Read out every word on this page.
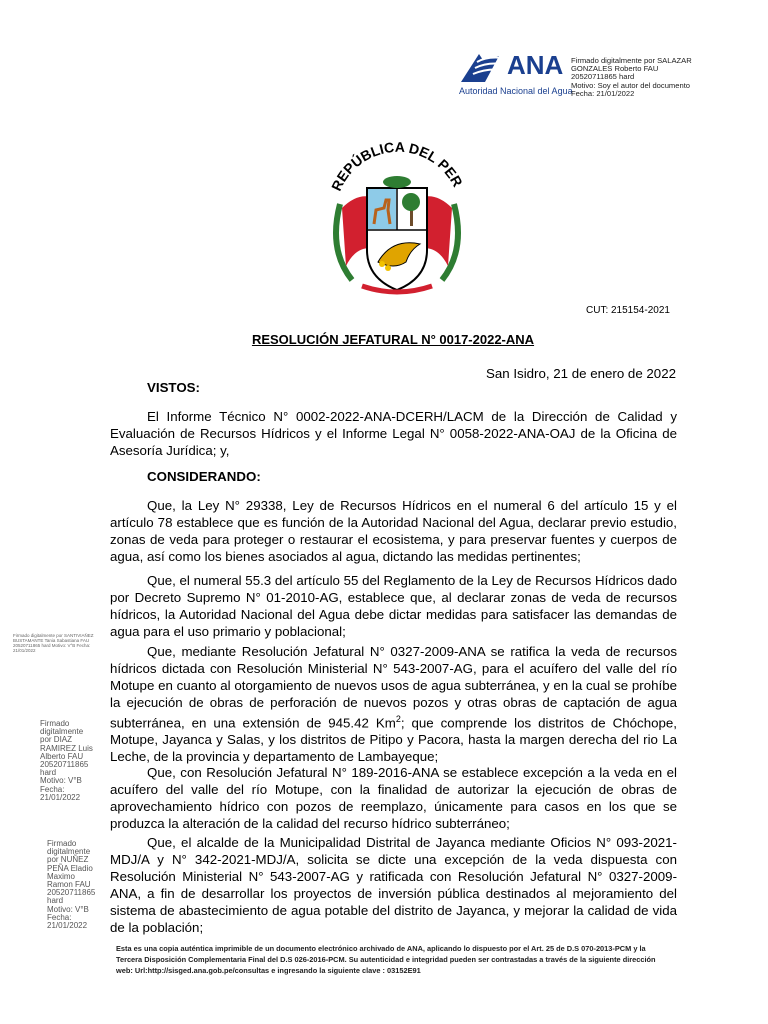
ANA
Autoridad Nacional del Agua
Firmado digitalmente por SALAZAR
GONZALES Roberto FAU
20520711865 hard
Motivo: Soy el autor del documento
Fecha: 21/01/2022
REPÚBLICA DEL PER
CUT: 215154-2021
RESOLUCIÓN JEFATURAL N° 0017-2022-ANA
San Isidro, 21 de enero de 2022
VISTOS:
El Informe Técnico N° 0002-2022-ANA-DCERH/LACM de la Dirección de Calidad y Evaluación de Recursos Hídricos y el Informe Legal N° 0058-2022-ANA-OAJ de la Oficina de Asesoría Jurídica; y,
CONSIDERANDO:
Que, la Ley N° 29338, Ley de Recursos Hídricos en el numeral 6 del artículo 15 y el artículo 78 establece que es función de la Autoridad Nacional del Agua, declarar previo estudio, zonas de veda para proteger o restaurar el ecosistema, y para preservar fuentes y cuerpos de agua, así como los bienes asociados al agua, dictando las medidas pertinentes;
Que, el numeral 55.3 del artículo 55 del Reglamento de la Ley de Recursos Hídricos dado por Decreto Supremo N° 01-2010-AG, establece que, al declarar zonas de veda de recursos hídricos, la Autoridad Nacional del Agua debe dictar medidas para satisfacer las demandas de agua para el uso primario y poblacional;
Que, mediante Resolución Jefatural N° 0327-2009-ANA se ratifica la veda de recursos hídricos dictada con Resolución Ministerial N° 543-2007-AG, para el acuífero del valle del río Motupe en cuanto al otorgamiento de nuevos usos de agua subterránea, y en la cual se prohíbe la ejecución de obras de perforación de nuevos pozos y otras obras de captación de agua subterránea, en una extensión de 945.42 Km$^2$; que comprende los distritos de Chóchope, Motupe, Jayanca y Salas, y los distritos de Pitipo y Pacora, hasta la margen derecha del rio La Leche, de la provincia y departamento de Lambayeque;
Que, con Resolución Jefatural N° 189-2016-ANA se establece excepción a la veda en el acuífero del valle del río Motupe, con la finalidad de autorizar la ejecución de obras de aprovechamiento hídrico con pozos de reemplazo, únicamente para casos en los que se produzca la alteración de la calidad del recurso hídrico subterráneo;
Que, el alcalde de la Municipalidad Distrital de Jayanca mediante Oficios N° 093-2021-MDJ/A y N° 342-2021-MDJ/A, solicita se dicte una excepción de la veda dispuesta con Resolución Ministerial N° 543-2007-AG y ratificada con Resolución Jefatural N° 0327-2009-ANA, a fin de desarrollar los proyectos de inversión pública destinados al mejoramiento del sistema de abastecimiento de agua potable del distrito de Jayanca, y mejorar la calidad de vida de la población;
Firmado digitalmente por SANTIVIAÑEZ BUSTAMANTE Tania Sabastiana FAU 20520711865 hard Motivo: V°B Fecha: 21/01/2022
Firmado
digitalmente
por DIAZ
RAMIREZ Luis
Alberto FAU
20520711865
hard
Motivo: V°B
Fecha:
21/01/2022
Firmado
digitalmente
por NUÑEZ
PEÑA Eladio
Maximo
Ramon FAU
20520711865
hard
Motivo: V°B
Fecha:
21/01/2022
Esta es una copia auténtica imprimible de un documento electrónico archivado de ANA, aplicando lo dispuesto por el Art. 25 de D.S 070-2013-PCM y la
Tercera Disposición Complementaria Final del D.S 026-2016-PCM. Su autenticidad e integridad pueden ser contrastadas a través de la siguiente dirección
web: Url:http://sisged.ana.gob.pe/consultas e ingresando la siguiente clave : 03152E91
